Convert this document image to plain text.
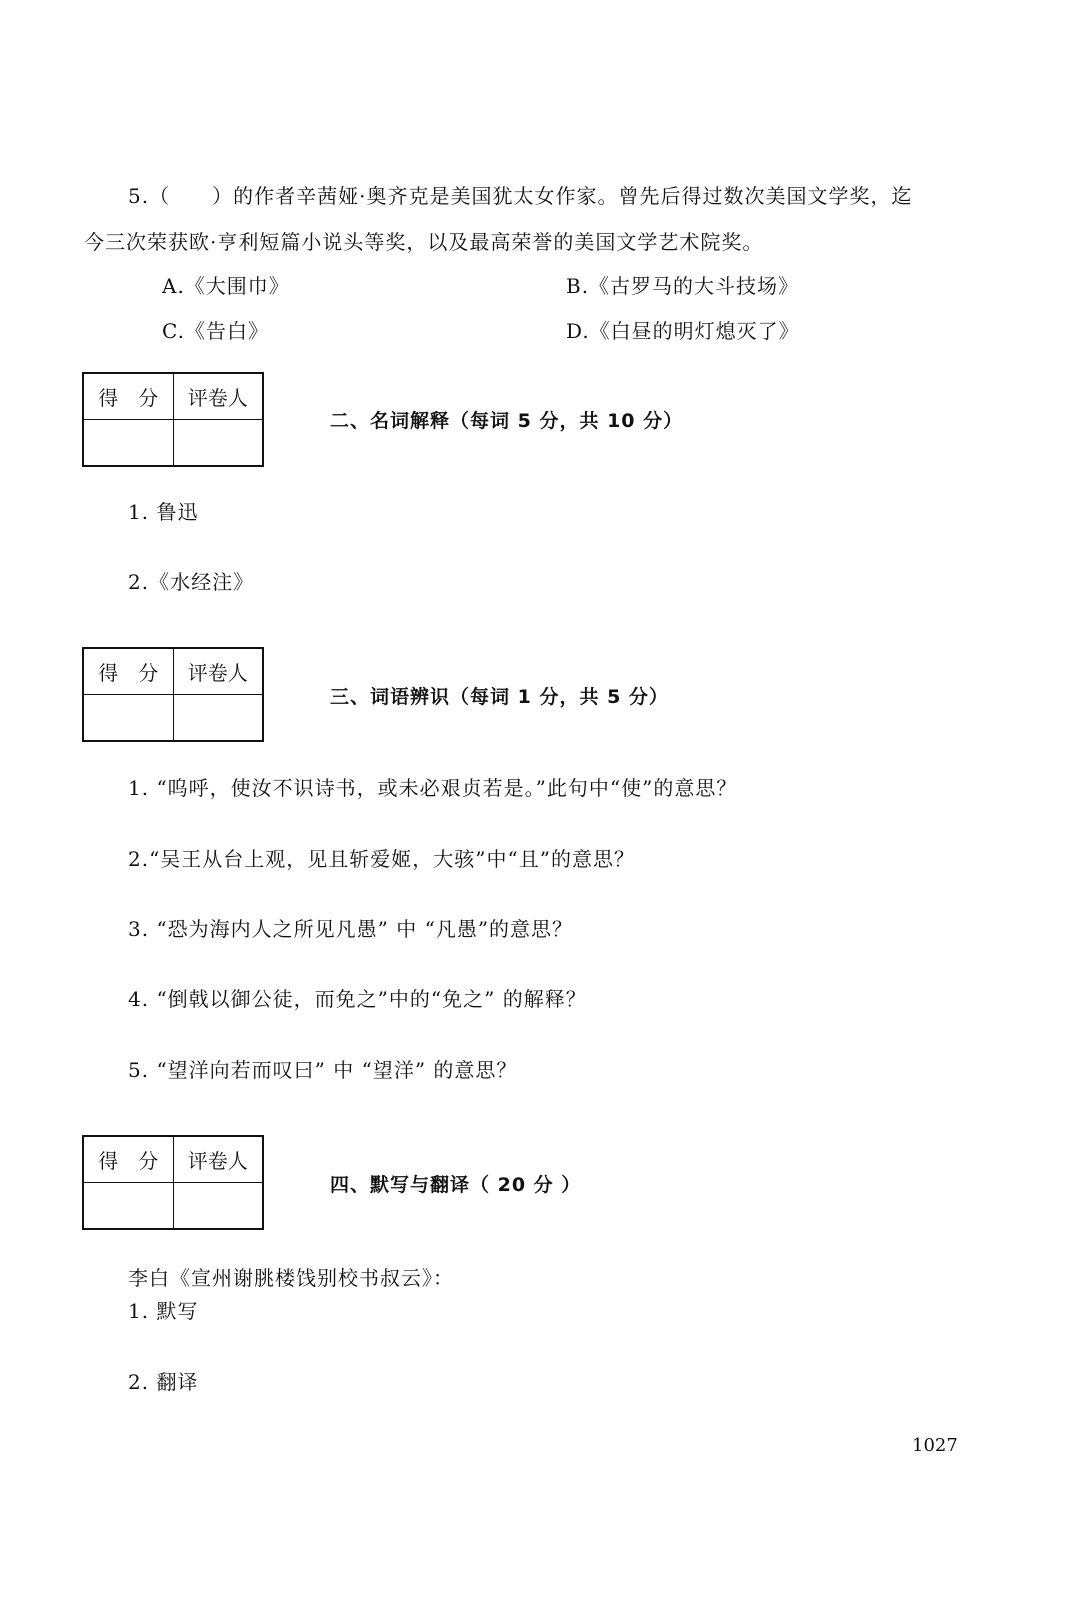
5.（　　）的作者辛茜娅·奥齐克是美国犹太女作家。曾先后得过数次美国文学奖，迄
今三次荣获欧·亨利短篇小说头等奖，以及最高荣誉的美国文学艺术院奖。
A.《大围巾》	B.《古罗马的大斗技场》
C.《告白》	D.《白昼的明灯熄灭了》
得　分	评卷人

二、名词解释（每词 5 分，共 10 分）
1. 鲁迅
2.《水经注》
得　分	评卷人

三、词语辨识（每词 1 分，共 5 分）
1. “呜呼，使汝不识诗书，或未必艰贞若是。”此句中“使”的意思？
2.“吴王从台上观，见且斩爱姬，大骇”中“且”的意思？
3. “恐为海内人之所见凡愚” 中 “凡愚”的意思？
4. “倒戟以御公徒，而免之”中的“免之” 的解释？
5. “望洋向若而叹曰” 中 “望洋” 的意思？
得　分	评卷人

四、默写与翻译（ 20 分 ）
李白《宣州谢朓楼饯别校书叔云》：
1. 默写
2. 翻译
1027
